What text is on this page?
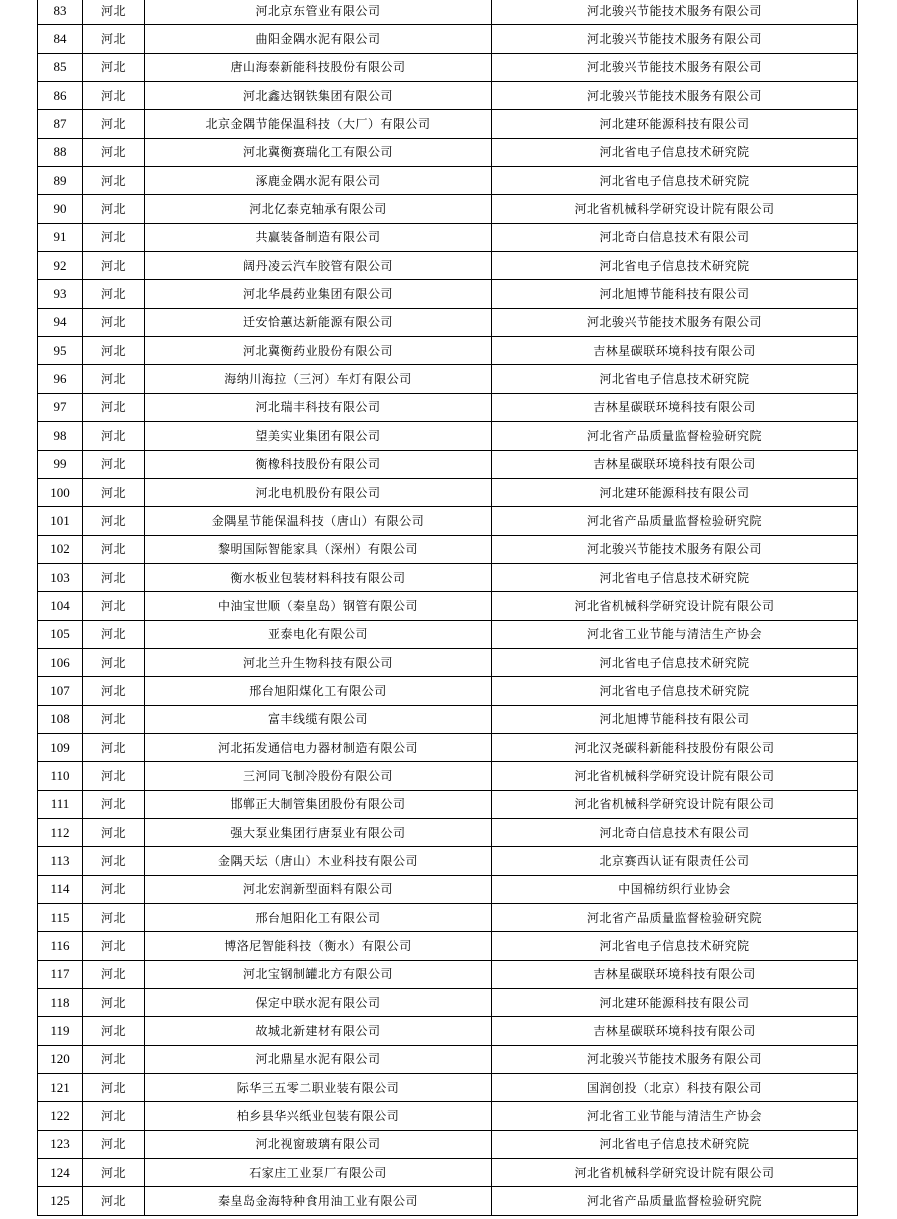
83	河北	河北京东管业有限公司	河北骏兴节能技术服务有限公司
84	河北	曲阳金隅水泥有限公司	河北骏兴节能技术服务有限公司
85	河北	唐山海泰新能科技股份有限公司	河北骏兴节能技术服务有限公司
86	河北	河北鑫达钢铁集团有限公司	河北骏兴节能技术服务有限公司
87	河北	北京金隅节能保温科技（大厂）有限公司	河北建环能源科技有限公司
88	河北	河北冀衡赛瑞化工有限公司	河北省电子信息技术研究院
89	河北	涿鹿金隅水泥有限公司	河北省电子信息技术研究院
90	河北	河北亿泰克轴承有限公司	河北省机械科学研究设计院有限公司
91	河北	共赢装备制造有限公司	河北奇白信息技术有限公司
92	河北	阔丹凌云汽车胶管有限公司	河北省电子信息技术研究院
93	河北	河北华晨药业集团有限公司	河北旭博节能科技有限公司
94	河北	迁安恰蕙达新能源有限公司	河北骏兴节能技术服务有限公司
95	河北	河北冀衡药业股份有限公司	吉林星碳联环境科技有限公司
96	河北	海纳川海拉（三河）车灯有限公司	河北省电子信息技术研究院
97	河北	河北瑞丰科技有限公司	吉林星碳联环境科技有限公司
98	河北	望美实业集团有限公司	河北省产品质量监督检验研究院
99	河北	衡橡科技股份有限公司	吉林星碳联环境科技有限公司
100	河北	河北电机股份有限公司	河北建环能源科技有限公司
101	河北	金隅星节能保温科技（唐山）有限公司	河北省产品质量监督检验研究院
102	河北	黎明国际智能家具（深州）有限公司	河北骏兴节能技术服务有限公司
103	河北	衡水板业包装材料科技有限公司	河北省电子信息技术研究院
104	河北	中油宝世顺（秦皇岛）钢管有限公司	河北省机械科学研究设计院有限公司
105	河北	亚泰电化有限公司	河北省工业节能与清洁生产协会
106	河北	河北兰升生物科技有限公司	河北省电子信息技术研究院
107	河北	邢台旭阳煤化工有限公司	河北省电子信息技术研究院
108	河北	富丰线缆有限公司	河北旭博节能科技有限公司
109	河北	河北拓发通信电力器材制造有限公司	河北汉尧碳科新能科技股份有限公司
110	河北	三河同飞制冷股份有限公司	河北省机械科学研究设计院有限公司
111	河北	邯郸正大制管集团股份有限公司	河北省机械科学研究设计院有限公司
112	河北	强大泵业集团行唐泵业有限公司	河北奇白信息技术有限公司
113	河北	金隅天坛（唐山）木业科技有限公司	北京赛西认证有限责任公司
114	河北	河北宏润新型面料有限公司	中国棉纺织行业协会
115	河北	邢台旭阳化工有限公司	河北省产品质量监督检验研究院
116	河北	博洛尼智能科技（衡水）有限公司	河北省电子信息技术研究院
117	河北	河北宝钢制罐北方有限公司	吉林星碳联环境科技有限公司
118	河北	保定中联水泥有限公司	河北建环能源科技有限公司
119	河北	故城北新建材有限公司	吉林星碳联环境科技有限公司
120	河北	河北鼎星水泥有限公司	河北骏兴节能技术服务有限公司
121	河北	际华三五零二职业装有限公司	国润创投（北京）科技有限公司
122	河北	柏乡县华兴纸业包装有限公司	河北省工业节能与清洁生产协会
123	河北	河北视窗玻璃有限公司	河北省电子信息技术研究院
124	河北	石家庄工业泵厂有限公司	河北省机械科学研究设计院有限公司
125	河北	秦皇岛金海特种食用油工业有限公司	河北省产品质量监督检验研究院
